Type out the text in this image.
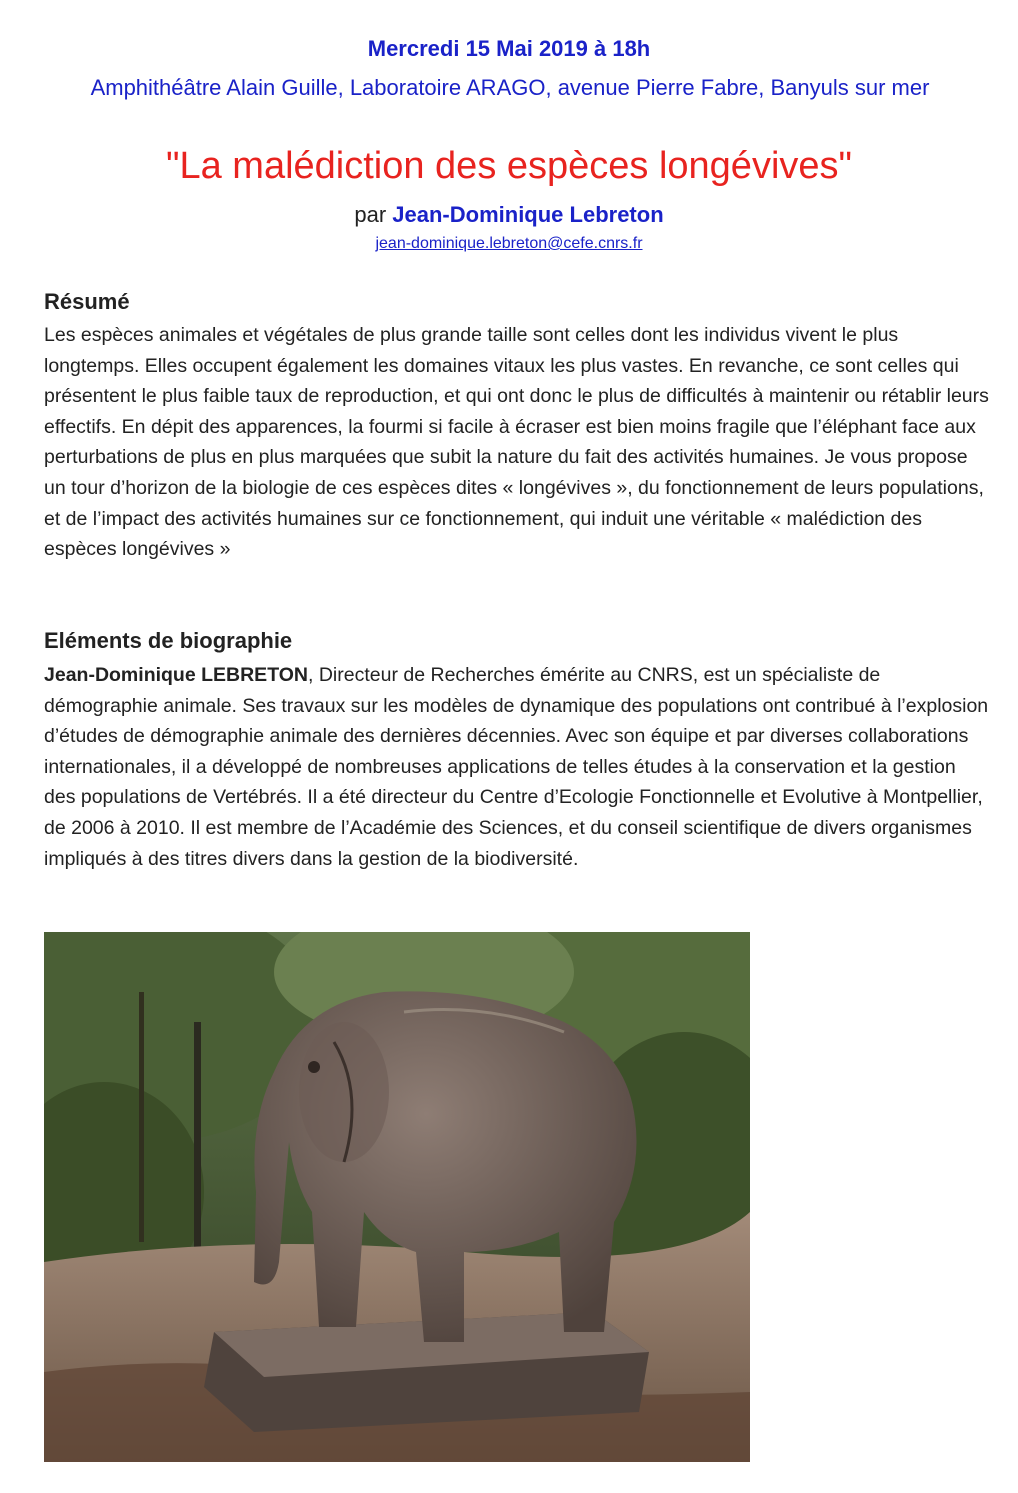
Mercredi 15 Mai 2019 à 18h
Amphithéâtre Alain Guille, Laboratoire ARAGO, avenue Pierre Fabre, Banyuls sur mer
"La malédiction des espèces longévives"
par Jean-Dominique Lebreton
jean-dominique.lebreton@cefe.cnrs.fr
Résumé
Les espèces animales et végétales de plus grande taille sont celles dont les individus vivent le plus longtemps. Elles occupent également les domaines vitaux les plus vastes. En revanche, ce sont celles qui présentent le plus faible taux de reproduction, et qui ont donc le plus de difficultés à maintenir ou rétablir leurs effectifs. En dépit des apparences, la fourmi si facile à écraser est bien moins fragile que l’éléphant face aux perturbations de plus en plus marquées que subit la nature du fait des activités humaines. Je vous propose un tour d’horizon de la biologie de ces espèces dites « longévives », du fonctionnement de leurs populations, et de l’impact des activités humaines sur ce fonctionnement, qui induit une véritable « malédiction des espèces longévives »
Eléments de biographie
Jean-Dominique LEBRETON, Directeur de Recherches émérite au CNRS, est un spécialiste de démographie animale. Ses travaux sur les modèles de dynamique des populations ont contribué à l’explosion d’études de démographie animale des dernières décennies. Avec son équipe et par diverses collaborations internationales, il a développé de nombreuses applications de telles études à la conservation et la gestion des populations de Vertébrés. Il a été directeur du Centre d’Ecologie Fonctionnelle et Evolutive à Montpellier, de 2006 à 2010. Il est membre de l’Académie des Sciences, et du conseil scientifique de divers organismes impliqués à des titres divers dans la gestion de la biodiversité.
